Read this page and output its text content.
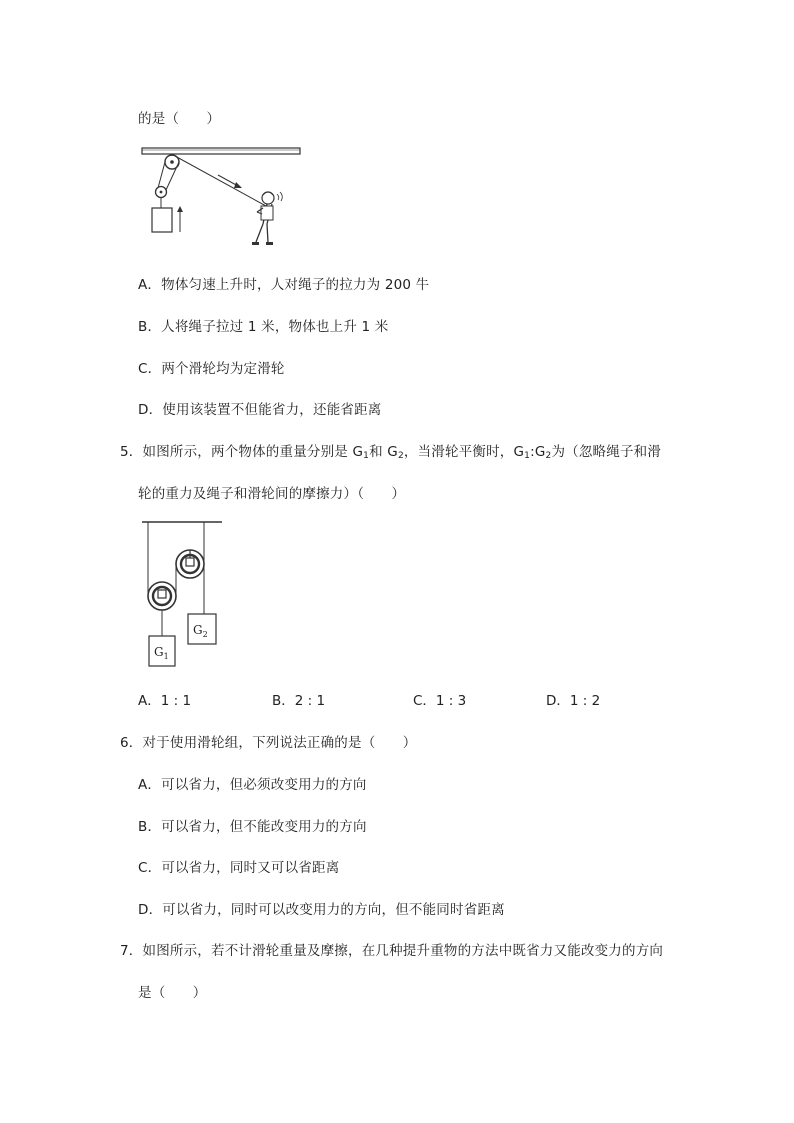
的是（　　）
A．物体匀速上升时，人对绳子的拉力为 200 牛
B．人将绳子拉过 1 米，物体也上升 1 米
C．两个滑轮均为定滑轮
D．使用该装置不但能省力，还能省距离
5．如图所示，两个物体的重量分别是 $G_1$和 $G_2$，当滑轮平衡时，$G_1:G_2$为（忽略绳子和滑
轮的重力及绳子和滑轮间的摩擦力）（　　）
$G_1$
$G_2$
A．1 : 1	B．2 : 1	C．1 : 3	D．1 : 2
6．对于使用滑轮组，下列说法正确的是（　　）
A．可以省力，但必须改变用力的方向
B．可以省力，但不能改变用力的方向
C．可以省力，同时又可以省距离
D．可以省力，同时可以改变用力的方向，但不能同时省距离
7．如图所示，若不计滑轮重量及摩擦，在几种提升重物的方法中既省力又能改变力的方向
是（　　）
